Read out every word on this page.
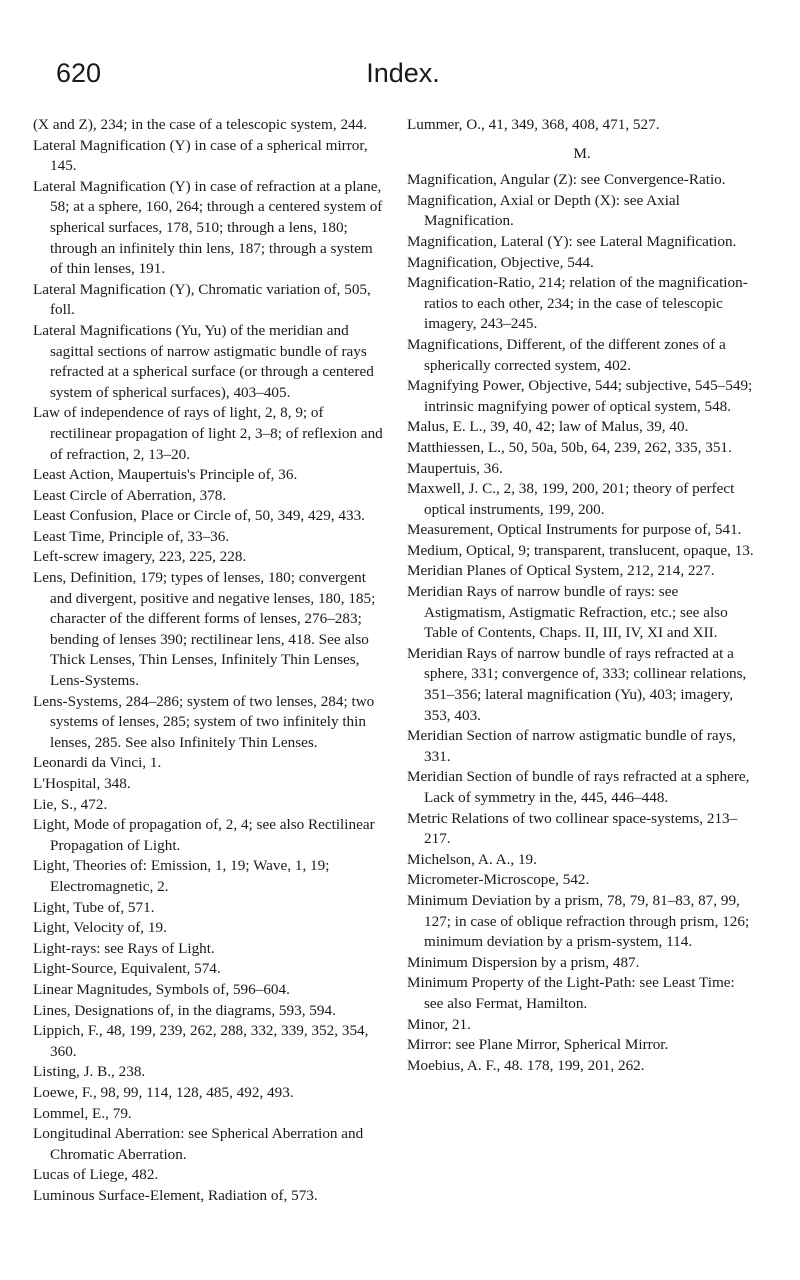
620	Index.

(X and Z), 234; in the case of a telescopic system, 244.

Lateral Magnification (Y) in case of a spherical mirror, 145.

Lateral Magnification (Y) in case of refraction at a plane, 58; at a sphere, 160, 264; through a centered system of spherical surfaces, 178, 510; through a lens, 180; through an infinitely thin lens, 187; through a system of thin lenses, 191.

Lateral Magnification (Y), Chromatic variation of, 505, foll.

Lateral Magnifications (Yu, Yu) of the meridian and sagittal sections of narrow astigmatic bundle of rays refracted at a spherical surface (or through a centered system of spherical surfaces), 403–405.

Law of independence of rays of light, 2, 8, 9; of rectilinear propagation of light 2, 3–8; of reflexion and of refraction, 2, 13–20.

Least Action, Maupertuis's Principle of, 36.

Least Circle of Aberration, 378.

Least Confusion, Place or Circle of, 50, 349, 429, 433.

Least Time, Principle of, 33–36.

Left-screw imagery, 223, 225, 228.

Lens, Definition, 179; types of lenses, 180; convergent and divergent, positive and negative lenses, 180, 185; character of the different forms of lenses, 276–283; bending of lenses 390; rectilinear lens, 418. See also Thick Lenses, Thin Lenses, Infinitely Thin Lenses, Lens-Systems.

Lens-Systems, 284–286; system of two lenses, 284; two systems of lenses, 285; system of two infinitely thin lenses, 285. See also Infinitely Thin Lenses.

Leonardi da Vinci, 1.

L'Hospital, 348.

Lie, S., 472.

Light, Mode of propagation of, 2, 4; see also Rectilinear Propagation of Light.

Light, Theories of: Emission, 1, 19; Wave, 1, 19; Electromagnetic, 2.

Light, Tube of, 571.

Light, Velocity of, 19.

Light-rays: see Rays of Light.

Light-Source, Equivalent, 574.

Linear Magnitudes, Symbols of, 596–604.

Lines, Designations of, in the diagrams, 593, 594.

Lippich, F., 48, 199, 239, 262, 288, 332, 339, 352, 354, 360.

Listing, J. B., 238.

Loewe, F., 98, 99, 114, 128, 485, 492, 493.

Lommel, E., 79.

Longitudinal Aberration: see Spherical Aberration and Chromatic Aberration.

Lucas of Liege, 482.

Luminous Surface-Element, Radiation of, 573.

Lummer, O., 41, 349, 368, 408, 471, 527.

M.

Magnification, Angular (Z): see Convergence-Ratio.

Magnification, Axial or Depth (X): see Axial Magnification.

Magnification, Lateral (Y): see Lateral Magnification.

Magnification, Objective, 544.

Magnification-Ratio, 214; relation of the magnification-ratios to each other, 234; in the case of telescopic imagery, 243–245.

Magnifications, Different, of the different zones of a spherically corrected system, 402.

Magnifying Power, Objective, 544; subjective, 545–549; intrinsic magnifying power of optical system, 548.

Malus, E. L., 39, 40, 42; law of Malus, 39, 40.

Matthiessen, L., 50, 50a, 50b, 64, 239, 262, 335, 351.

Maupertuis, 36.

Maxwell, J. C., 2, 38, 199, 200, 201; theory of perfect optical instruments, 199, 200.

Measurement, Optical Instruments for purpose of, 541.

Medium, Optical, 9; transparent, translucent, opaque, 13.

Meridian Planes of Optical System, 212, 214, 227.

Meridian Rays of narrow bundle of rays: see Astigmatism, Astigmatic Refraction, etc.; see also Table of Contents, Chaps. II, III, IV, XI and XII.

Meridian Rays of narrow bundle of rays refracted at a sphere, 331; convergence of, 333; collinear relations, 351–356; lateral magnification (Yu), 403; imagery, 353, 403.

Meridian Section of narrow astigmatic bundle of rays, 331.

Meridian Section of bundle of rays refracted at a sphere, Lack of symmetry in the, 445, 446–448.

Metric Relations of two collinear space-systems, 213–217.

Michelson, A. A., 19.

Micrometer-Microscope, 542.

Minimum Deviation by a prism, 78, 79, 81–83, 87, 99, 127; in case of oblique refraction through prism, 126; minimum deviation by a prism-system, 114.

Minimum Dispersion by a prism, 487.

Minimum Property of the Light-Path: see Least Time: see also Fermat, Hamilton.

Minor, 21.

Mirror: see Plane Mirror, Spherical Mirror.

Moebius, A. F., 48. 178, 199, 201, 262.
